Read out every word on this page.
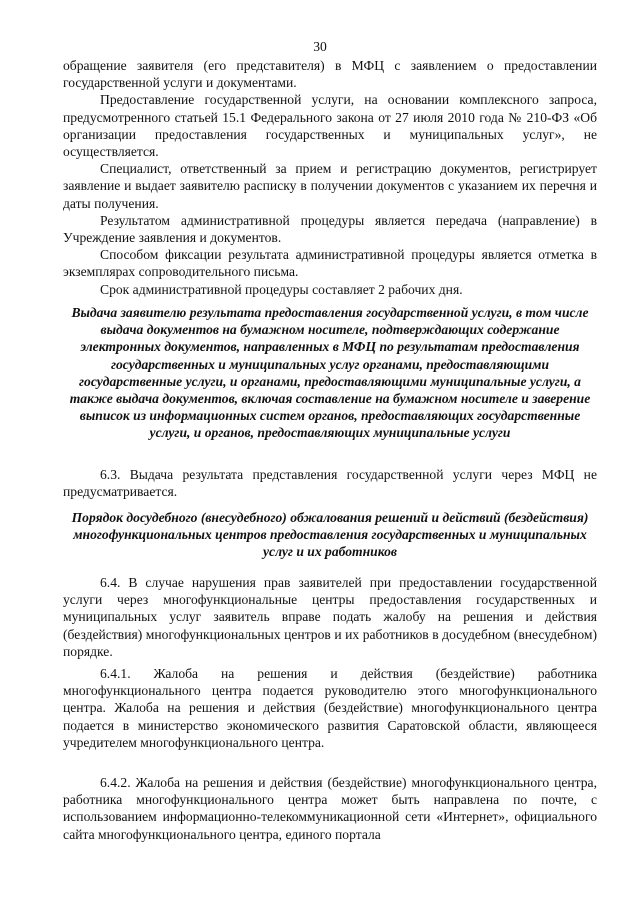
30

обращение заявителя (его представителя) в МФЦ с заявлением о предоставлении государственной услуги и документами.

Предоставление государственной услуги, на основании комплексного запроса, предусмотренного статьей 15.1 Федерального закона от 27 июля 2010 года № 210-ФЗ «Об организации предоставления государственных и муниципальных услуг», не осуществляется.

Специалист, ответственный за прием и регистрацию документов, регистрирует заявление и выдает заявителю расписку в получении документов с указанием их перечня и даты получения.

Результатом административной процедуры является передача (направление) в Учреждение заявления и документов.

Способом фиксации результата административной процедуры является отметка в экземплярах сопроводительного письма.

Срок административной процедуры составляет 2 рабочих дня.

Выдача заявителю результата предоставления государственной услуги, в том числе выдача документов на бумажном носителе, подтверждающих содержание электронных документов, направленных в МФЦ по результатам предоставления государственных и муниципальных услуг органами, предоставляющими государственные услуги, и органами, предоставляющими муниципальные услуги, а также выдача документов, включая составление на бумажном носителе и заверение выписок из информационных систем органов, предоставляющих государственные услуги, и органов, предоставляющих муниципальные услуги

6.3. Выдача результата представления государственной услуги через МФЦ не предусматривается.

Порядок досудебного (внесудебного) обжалования решений и действий (бездействия) многофункциональных центров предоставления государственных и муниципальных услуг и их работников

6.4. В случае нарушения прав заявителей при предоставлении государственной услуги через многофункциональные центры предоставления государственных и муниципальных услуг заявитель вправе подать жалобу на решения и действия (бездействия) многофункциональных центров и их работников в досудебном (внесудебном) порядке.

6.4.1. Жалоба на решения и действия (бездействие) работника многофункционального центра подается руководителю этого многофункционального центра. Жалоба на решения и действия (бездействие) многофункционального центра подается в министерство экономического развития Саратовской области, являющееся учредителем многофункционального центра.

6.4.2. Жалоба на решения и действия (бездействие) многофункционального центра, работника многофункционального центра может быть направлена по почте, с использованием информационно-телекоммуникационной сети «Интернет», официального сайта многофункционального центра, единого портала
